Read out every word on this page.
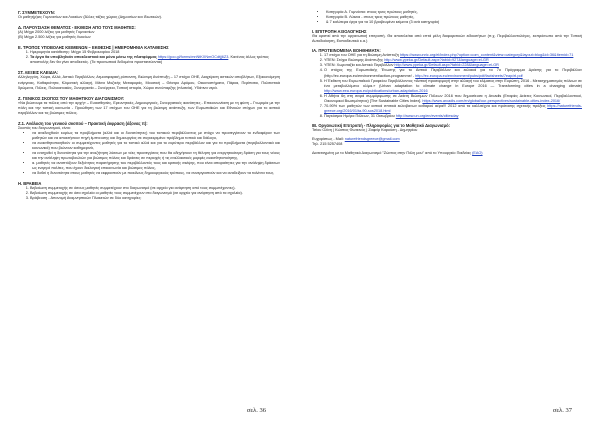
Γ. ΣΥΜΜΕΤΕΧΟΥΝ:
Οι μαθητ(ρ)ιες Γυμνασίων και Λυκείων (Άλλες τάξεις χώρας (Δημοσίων και Ιδιωτικών).
Δ. ΠΑΡΟΥΣΙΑΣΗ ΘΕΜΑΤΟΣ - ΕΚΘΕΣΗ ΑΠΟ ΤΟΥΣ ΜΑΘΗΤΕΣ:
(Α) Μέχρι 2000 λέξεις για μαθητές Γυμνασίων
(Β) Μέχρι 2.500 λέξεις για μαθητές Λυκείων
Ε. ΤΡΟΠΟΣ ΥΠΟΒΟΛΗΣ ΚΕΙΜΕΝΩΝ – ΕΚΘΕΣΗΣ | ΗΜΕΡΟΜΗΝΙΑ ΚΑΤΑΘΕΣΗΣ
1. Ημερομηνία κατάθεσης: Μέχρι 15 Φεβρουαρίου 2018
2. Τα έργα θα υποβληθούν αποκλειστικά και μόνο μέσω της πλατφόρμας https://goo.gl/forms/mnNtKXNmOCdtjj6Z3. Κανένας άλλος τρόπος αποστολής δεν θα γίνει αποδεκτός. (Τα προσωπικά δεδομένα προστατεύονται)
ΣΤ. ΛΕΞΕΙΣ ΚΛΕΙΔΙΑ:
Αλληλεγγύη, Χώρα, Αλλά, Αστικό Περιβάλλον, Ατμοσφαιρική ρύπανση, Βιώσιμη Ανάπτυξη – 17 στόχοι ΟΗΕ, Διαχείριση αστικών αποβλήτων, Εξοικονόμηση ενέργειας, Καθαριότητα, Κλιματική αλλαγή, Μέσα Μαζικής Μεταφοράς, Μουσική – Θέατρο Δρόμου, Οικοσυστήματα, Πάρκα, Περίπατοι, Πολιτιστικά δρώμενα, Πόλεις, Πολυκατοικίες, Συνεργασία – Συνέργεια, Τοπική ιστορία, Χώροι συνύπαρξης (πλατεία), Υδάτινα νερά.
Ζ. ΓΕΝΙΚΟΣ ΣΚΟΠΟΣ ΤΟΥ ΜΑΘΗΤΙΚΟΥ ΔΙΑΓΩΝΙΣΜΟΥ:
«Να βιώσουμε τα πόλεις από την αρχή» – Ευαισθησίες, Ερευνητικές, Δημιουργικές, Συνεργατικές ικανότητες - Επικοινωνίαση με τη φύση – Γνωριμία με την πόλη και την τοπική κοινωνία - Προώθηση των 17 στόχων του ΟΗΕ για τη βιώσιμη ανάπτυξη, των Ευρωπαϊκών και Εθνικών στόχων για το αστικό περιβάλλον και τις βιώσιμες πόλεις.
Ζ.1. Ανάλυση του γενικού σκοπού – Πρακτική έκφραση (άξονας π):
Σκοπός του διαγωνισμού, είναι:
• να αναδειχθούν κυρίως τα προβλήματα (αλλά και οι δυνατότητες) του τοπικού περιβάλλοντος με στόχο να προσεγγίσουν το ενδιαφέρον των μαθητών και να αποκτήσουν πηγή έμπνευσης και δημιουργίας σε συγκεκριμένο πρόβλημα τοπικό και διάλογο,
• να ευαισθητοποιηθούν οι συμμετέχοντες μαθητές για το τοπικό αλλά και για το ευρύτερο περιβάλλον και για τα προβλήματα (περιβαλλοντικά και κοινωνικά) που βιώνουν καθημερινά,
• να ενισχυθεί η δυνατότητα για την αναζήτηση λύσεων με νέες προσεγγίσεις που θα οδηγήσουν τη θέληση για ενεργητικότερη δράση για τους νέους και την ανάληψη πρωτοβουλιών για βιώσιμες πόλεις και δράσεις σε περιοχές ή τις εναλλακτικές μορφές ευαισθητοποίησης,
• α. μαθητές να αναπτύξουν δεξιότητες παρατήρησης του περιβάλλοντός τους και κριτικής σκέψης, που είναι απαραίτητες για την ανάληψη δράσεων ως ενεργοί πολίτες, που έχουν διαλογική επικοινωνία και βιώσιμες πόλεις,
• να δοθεί η δυνατότητα στους μαθητές να εκφραστούν με ποικίλους δημιουργικούς τρόπους, να συνεργαστούν και να αναδείξουν τα ταλέντα τους.
Η. ΒΡΑΒΕΙΑ
1. Βεβαίωση συμμετοχής σε όσους μαθητές συμμετέχουν στο διαγωνισμό (σε αρχείο για ανάρτηση από τους συμμετέχοντες).
2. Βεβαίωση συμμετοχής σε όσα σχολεία οι μαθητές τους συμμετέχουν στο διαγωνισμό (σε αρχείο για ανάρτηση από τα σχολεία).
3. Βράβευση - Απονομή Αναμνηστικών Πλακετών σε δύο κατηγορίες:
σελ. 36
• Κατηγορία Α. Γυμνάσια: στους τρεις πρώτους μαθητές,
• Κατηγορία Β. Λύκεια - στους τρεις πρώτους μαθητές,
• & 7 καλύτερα έργα για τα 10 βραβευμένα κείμενα (3 ανά κατηγορία)
Ι. ΕΠΙΤΡΟΠΗ ΑΞΙΟΛΟΓΗΣΗΣ
Θα οριστεί από την οργανωτική επιτροπή. Θα αποτελείται από επτά μέλη διαφορετικών ειδικοτήτων (π.χ. Περιβαλλοντολόγος, εκπρόσωπο από την Τοπική Αυτοδιοίκηση, Εκπαιδευτικό κ.α.)
ΙΑ. ΠΡΟΤΕΙΝΟΜΕΝΑ ΒΟΗΘΗΜΑΤΑ:
1. 17 στόχοι του ΟΗΕ για τη Βιώσιμη Ανάπτυξη https://www.unric.org/el/index.php?option=com_content&view=category&layout=blog&id=36&Itemid=71
2. ΥΠΕΝ: Στόχοι Βιώσιμης Ανάπτυξης http://www.ypeka.gr/Default.aspx?tabid=927&language=el-GR
3. ΥΠΕΝ: Χωροταξία και Αστικό Περιβάλλον http://www.ypeka.gr/Default.aspx?tabid=228&language=el-GR
4. Ο στόχος της Ευρωπαϊκής Ένωσης για το Αστικό Περιβάλλον και εκλιακά για το 7ο Πρόγραμμα Δράσης για το Περιβάλλον (http://ec.europa.eu/environment/action-programme/ - http://ec.europa.eu/environment/pubs/pdf/factsheets/7eap/el.pdf
5. Η Έκθεση του Ευρωπαϊκού Γραφείου Περιβάλλοντος «Αστική προσαρμογή στην αλλαγή του κλίματος στην Ευρώπη, 2016 - Μετασχηματισμός πόλεων σε ένα μεταβαλλόμενο κλίμα.» (Urban adaptation to climate change in Europe 2016 — Transforming cities in a changing climate) http://www.eea.europa.eu/publications/urban-adaptation-2016
6. Η Αθήνα 6η στη σειρά συμμόρφωσης σε Δείκτη Βιώσιμων Πόλεων 2016 που δημοσίευσε η Arcadis (Εταιρίες Δείκτες Κοινωνικοί, Περιβαλλοντικοί, Οικονομικοί Βιωσιμότητας) [The Sustainable Cities Index]. https://www.arcadis.com/en/global/our-perspectives/sustainable-cities-index-2016/
7. 70-90% των μαθητών των αστικά σπιτικά εκλειβανων καθαρού αέρα!!! 2012 από τα καλλιτέχνα και πρότασης σχετικής πράξεις https://naturefriends-greece.org/2016/01/ta-90-sos2018.html
8. Παγκόσμια Ημέρα Πόλεων, 31 Οκτωβρίου http://www.un.org/en/events/citiesday
ΙΒ. Οργανωτική Επιτροπή - Πληροφορίες για το Μαθητικό Διαγωνισμό:
Τσίου Ολίνη | Κώστας Φωτεινός | Ζαφείρ Καρούση - Δημητρίου
Ευχαρίστως - Mail: naturefriendsgreece@gmail.com
Τηλ. 215 5257408
Διατεταγμένη με το Μαθητικό Διαγωνισμό "Ζώντας στην Πόλη μου" από το Υπουργείο Παιδείας (ΕΑΟ)
σελ. 37
